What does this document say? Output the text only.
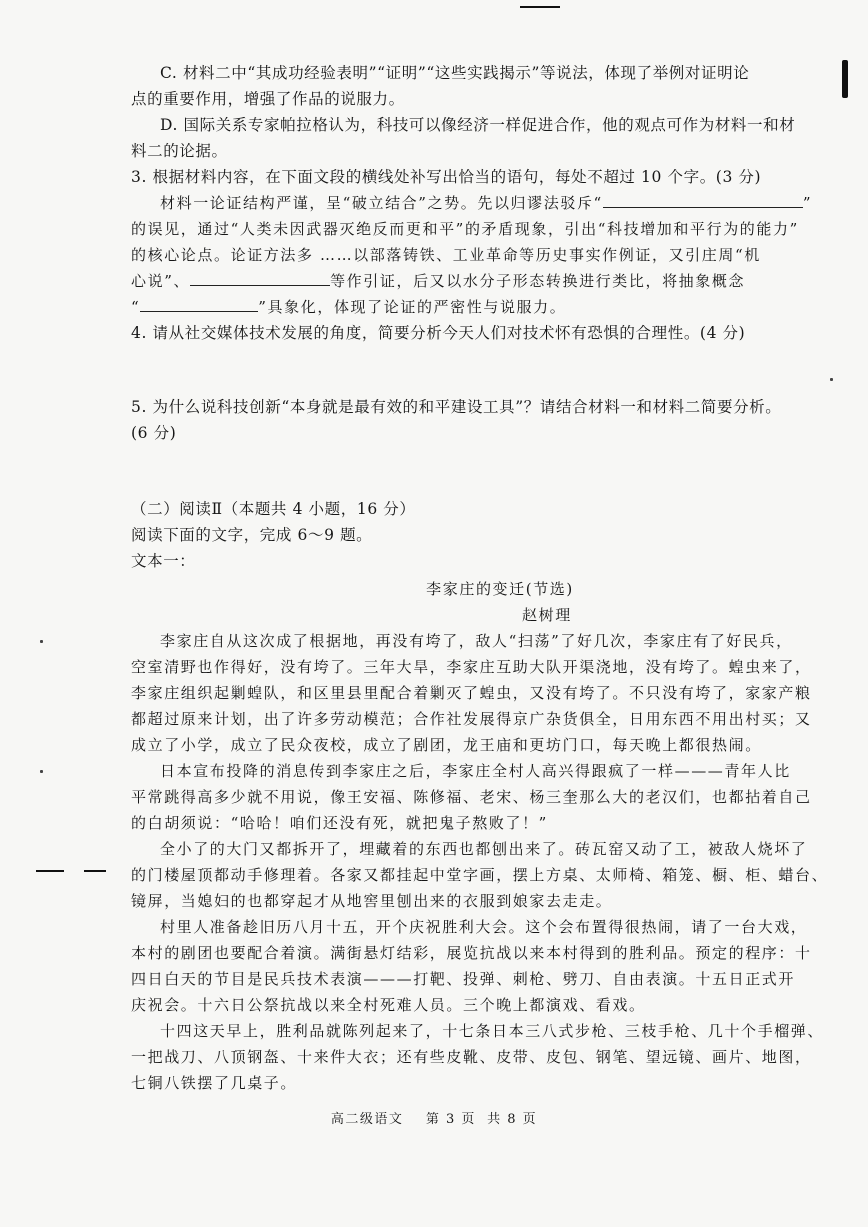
C. 材料二中“其成功经验表明”“证明”“这些实践揭示”等说法，体现了举例对证明论
点的重要作用，增强了作品的说服力。
D. 国际关系专家帕拉格认为，科技可以像经济一样促进合作，他的观点可作为材料一和材
料二的论据。
3. 根据材料内容，在下面文段的横线处补写出恰当的语句，每处不超过 10 个字。(3 分)
材料一论证结构严谨，呈“破立结合”之势。先以归谬法驳斥“	”
的误见，通过“人类未因武器灭绝反而更和平”的矛盾现象，引出“科技增加和平行为的能力”
的核心论点。论证方法多 ……以部落铸铁、工业革命等历史事实作例证，又引庄周“机
心说”、	等作引证，后又以水分子形态转换进行类比，将抽象概念
“	”具象化，体现了论证的严密性与说服力。
4. 请从社交媒体技术发展的角度，简要分析今天人们对技术怀有恐惧的合理性。(4 分)
5. 为什么说科技创新“本身就是最有效的和平建设工具”？请结合材料一和材料二简要分析。
(6 分)
（二）阅读Ⅱ（本题共 4 小题，16 分）
阅读下面的文字，完成 6～9 题。
文本一：
李家庄的变迁(节选)
赵树理
李家庄自从这次成了根据地，再没有垮了，敌人“扫荡”了好几次，李家庄有了好民兵，
空室清野也作得好，没有垮了。三年大旱，李家庄互助大队开渠浇地，没有垮了。蝗虫来了，
李家庄组织起剿蝗队，和区里县里配合着剿灭了蝗虫，又没有垮了。不只没有垮了，家家产粮
都超过原来计划，出了许多劳动模范；合作社发展得京广杂货俱全，日用东西不用出村买；又
成立了小学，成立了民众夜校，成立了剧团，龙王庙和更坊门口，每天晚上都很热闹。
日本宣布投降的消息传到李家庄之后，李家庄全村人高兴得跟疯了一样———青年人比
平常跳得高多少就不用说，像王安福、陈修福、老宋、杨三奎那么大的老汉们，也都拈着自己
的白胡须说：“哈哈！咱们还没有死，就把鬼子熬败了！”
全小了的大门又都拆开了，埋藏着的东西也都刨出来了。砖瓦窑又动了工，被敌人烧坏了
的门楼屋顶都动手修理着。各家又都挂起中堂字画，摆上方桌、太师椅、箱笼、橱、柜、蜡台、
镜屏，当媳妇的也都穿起才从地窖里刨出来的衣服到娘家去走走。
村里人准备趁旧历八月十五，开个庆祝胜利大会。这个会布置得很热闹，请了一台大戏，
本村的剧团也要配合着演。满街悬灯结彩，展览抗战以来本村得到的胜利品。预定的程序：十
四日白天的节目是民兵技术表演———打靶、投弹、刺枪、劈刀、自由表演。十五日正式开
庆祝会。十六日公祭抗战以来全村死难人员。三个晚上都演戏、看戏。
十四这天早上，胜利品就陈列起来了，十七条日本三八式步枪、三枝手枪、几十个手榴弹、
一把战刀、八顶钢盔、十来件大衣；还有些皮靴、皮带、皮包、钢笔、望远镜、画片、地图，
七铜八铁摆了几桌子。
高二级语文    第 3 页  共 8 页
